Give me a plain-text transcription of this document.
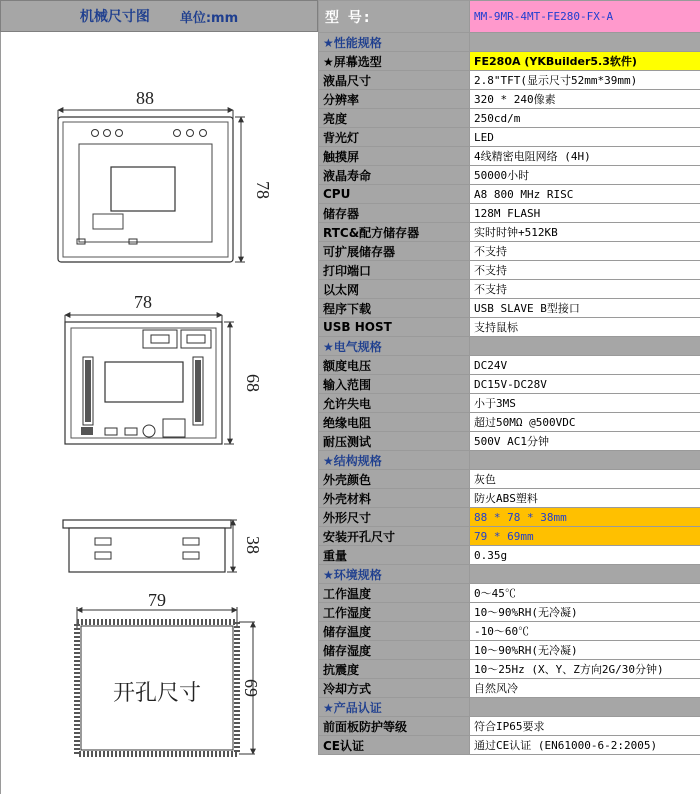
机械尺寸图 单位:mm
88
78
78
68
38
79
开孔尺寸 69
型 号:	MM-9MR-4MT-FE280-FX-A
★性能规格	
★屏幕选型	FE280A (YKBuilder5.3软件)
液晶尺寸	2.8"TFT(显示尺寸52mm*39mm)
分辨率	320 * 240像素
亮度	250cd/m
背光灯	LED
触摸屏	4线精密电阻网络 (4H)
液晶寿命	50000小时
CPU	A8 800 MHz RISC
储存器	128M FLASH
RTC&配方储存器	实时时钟+512KB
可扩展储存器	不支持
打印端口	不支持
以太网	不支持
程序下载	USB SLAVE B型接口
USB HOST	支持鼠标
★电气规格	
额度电压	DC24V
输入范围	DC15V-DC28V
允许失电	小于3MS
绝缘电阻	超过50MΩ @500VDC
耐压测试	500V AC1分钟
★结构规格	
外壳颜色	灰色
外壳材料	防火ABS塑料
外形尺寸	88 * 78 * 38mm
安装开孔尺寸	79 * 69mm
重量	0.35g
★环境规格	
工作温度	0～45℃
工作湿度	10～90%RH(无冷凝)
储存温度	-10～60℃
储存湿度	10～90%RH(无冷凝)
抗震度	10～25Hz (X、Y、Z方向2G/30分钟)
冷却方式	自然风冷
★产品认证	
前面板防护等级	符合IP65要求
CE认证	通过CE认证 (EN61000-6-2:2005)
